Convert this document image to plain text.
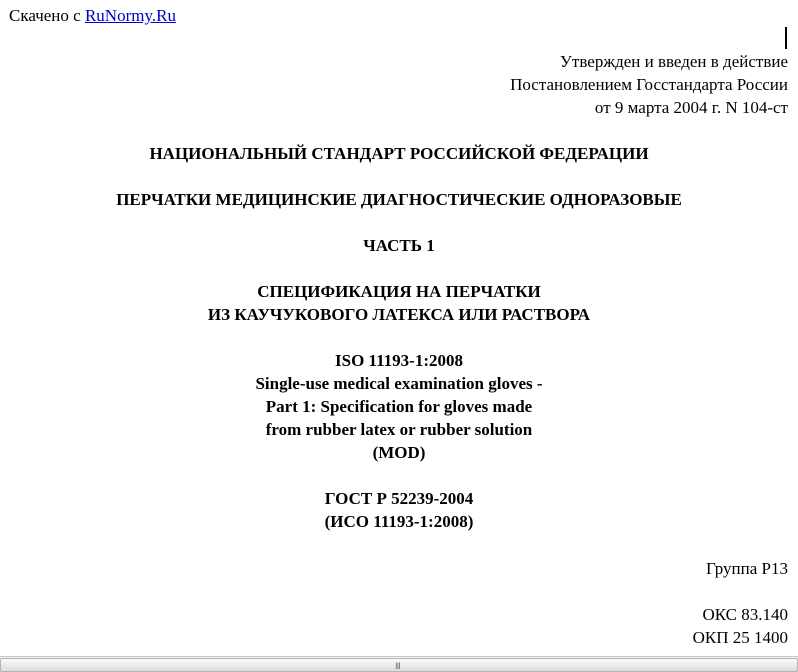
Скачено с RuNormy.Ru
Утвержден и введен в действие
Постановлением Госстандарта России
от 9 марта 2004 г. N 104-ст
НАЦИОНАЛЬНЫЙ СТАНДАРТ РОССИЙСКОЙ ФЕДЕРАЦИИ
ПЕРЧАТКИ МЕДИЦИНСКИЕ ДИАГНОСТИЧЕСКИЕ ОДНОРАЗОВЫЕ
ЧАСТЬ 1
СПЕЦИФИКАЦИЯ НА ПЕРЧАТКИ
ИЗ КАУЧУКОВОГО ЛАТЕКСА ИЛИ РАСТВОРА
ISO 11193-1:2008
Single-use medical examination gloves -
Part 1: Specification for gloves made
from rubber latex or rubber solution
(MOD)
ГОСТ Р 52239-2004
(ИСО 11193-1:2008)
Группа Р13
ОКС 83.140
ОКП 25 1400
III
